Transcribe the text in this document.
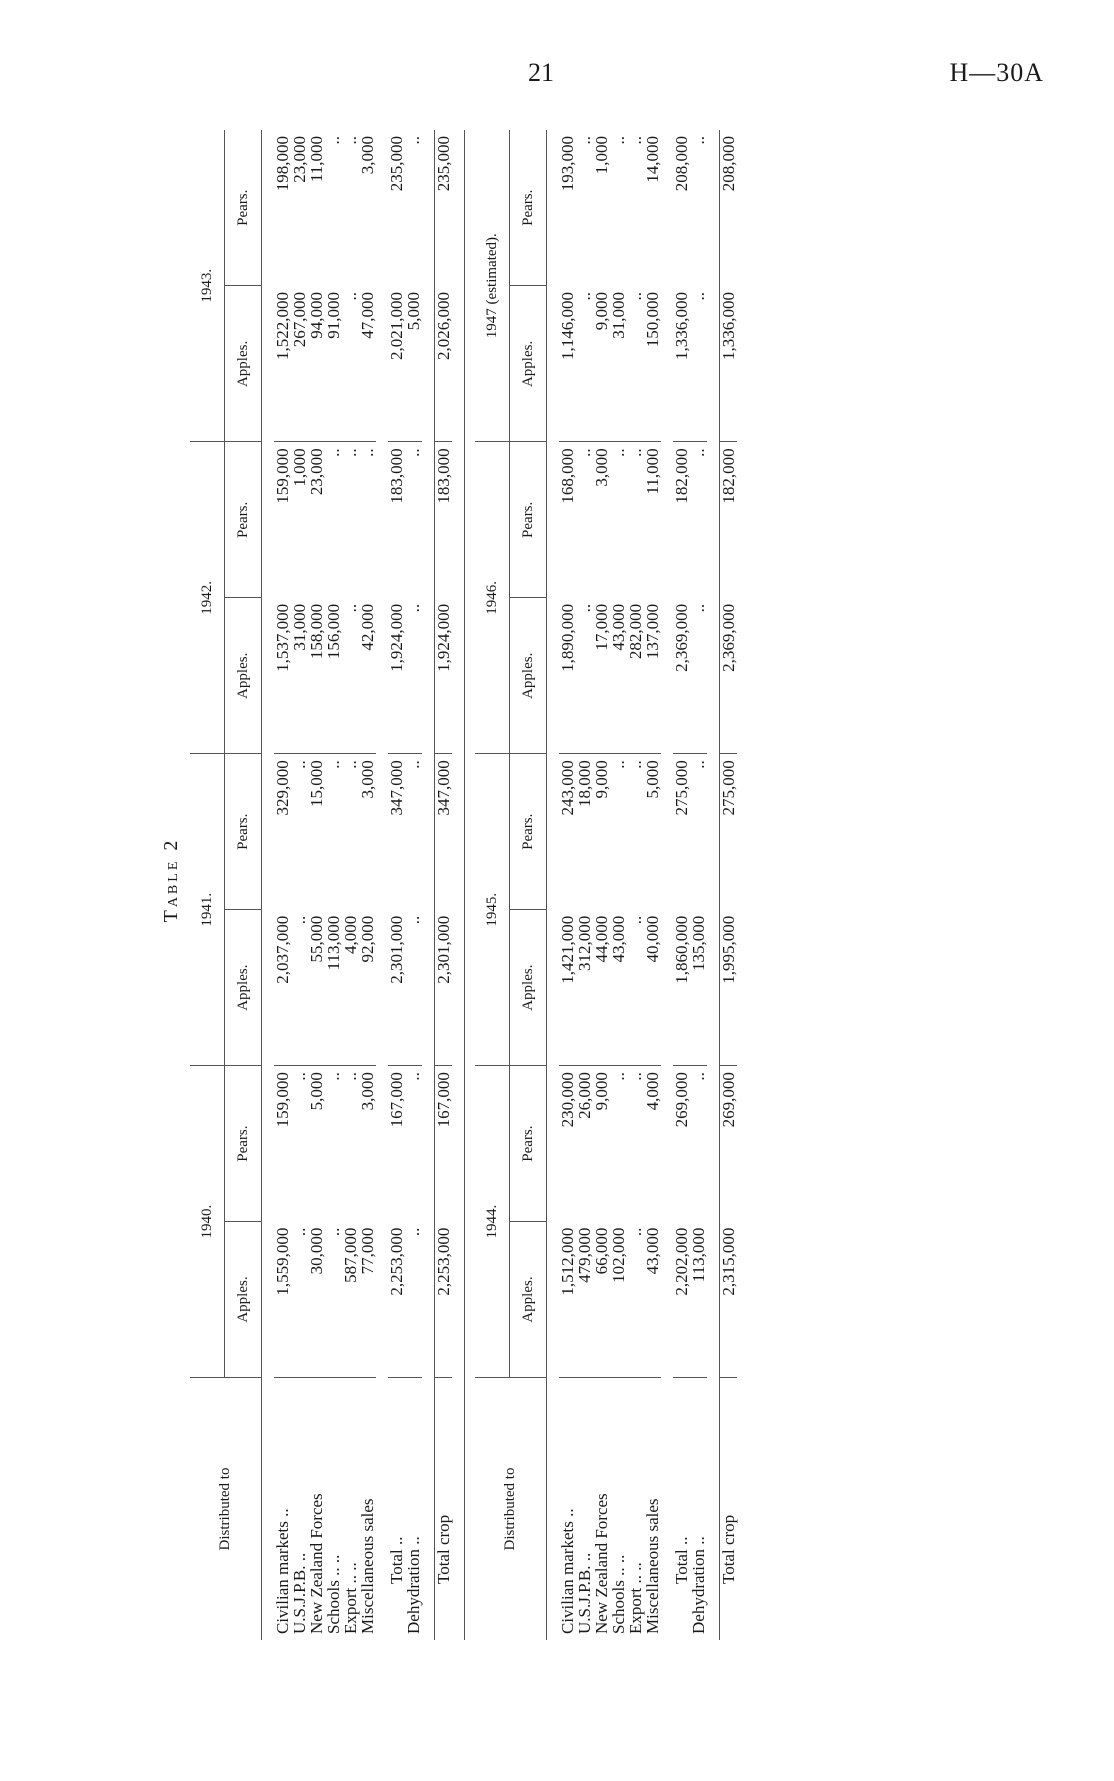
21	H—30A
Table 2
Distributed to	1940.		1941.		1942.		1943.	
	Apples.	Pears.	Apples.	Pears.	Apples.	Pears.	Apples.	Pears.

Civilian markets ..	1,559,000	159,000	2,037,000	329,000	1,537,000	159,000	1,522,000	198,000
U.S.J.P.B. ..	..	..	..	..	31,000	1,000	267,000	23,000
New Zealand Forces	30,000	5,000	55,000	15,000	158,000	23,000	94,000	11,000
Schools .. ..	..	..	113,000	..	156,000	..	91,000	..
Export .. ..	587,000	..	4,000	..	..	..	..	..
Miscellaneous sales	77,000	3,000	92,000	3,000	42,000	..	47,000	3,000

Total ..	2,253,000	167,000	2,301,000	347,000	1,924,000	183,000	2,021,000	235,000
Dehydration ..	..	..	..	..	..	..	5,000	..

Total crop	2,253,000	167,000	2,301,000	347,000	1,924,000	183,000	2,026,000	235,000

Distributed to	1944.		1945.		1946.		1947 (estimated).	
	Apples.	Pears.	Apples.	Pears.	Apples.	Pears.	Apples.	Pears.

Civilian markets ..	1,512,000	230,000	1,421,000	243,000	1,890,000	168,000	1,146,000	193,000
U.S.J.P.B. ..	479,000	26,000	312,000	18,000	..	..	..	..
New Zealand Forces	66,000	9,000	44,000	9,000	17,000	3,000	9,000	1,000
Schools .. ..	102,000	..	43,000	..	43,000	..	31,000	..
Export .. ..	..	..	..	..	282,000	..	..	..
Miscellaneous sales	43,000	4,000	40,000	5,000	137,000	11,000	150,000	14,000

Total ..	2,202,000	269,000	1,860,000	275,000	2,369,000	182,000	1,336,000	208,000
Dehydration ..	113,000	..	135,000	..	..	..	..	..

Total crop	2,315,000	269,000	1,995,000	275,000	2,369,000	182,000	1,336,000	208,000
